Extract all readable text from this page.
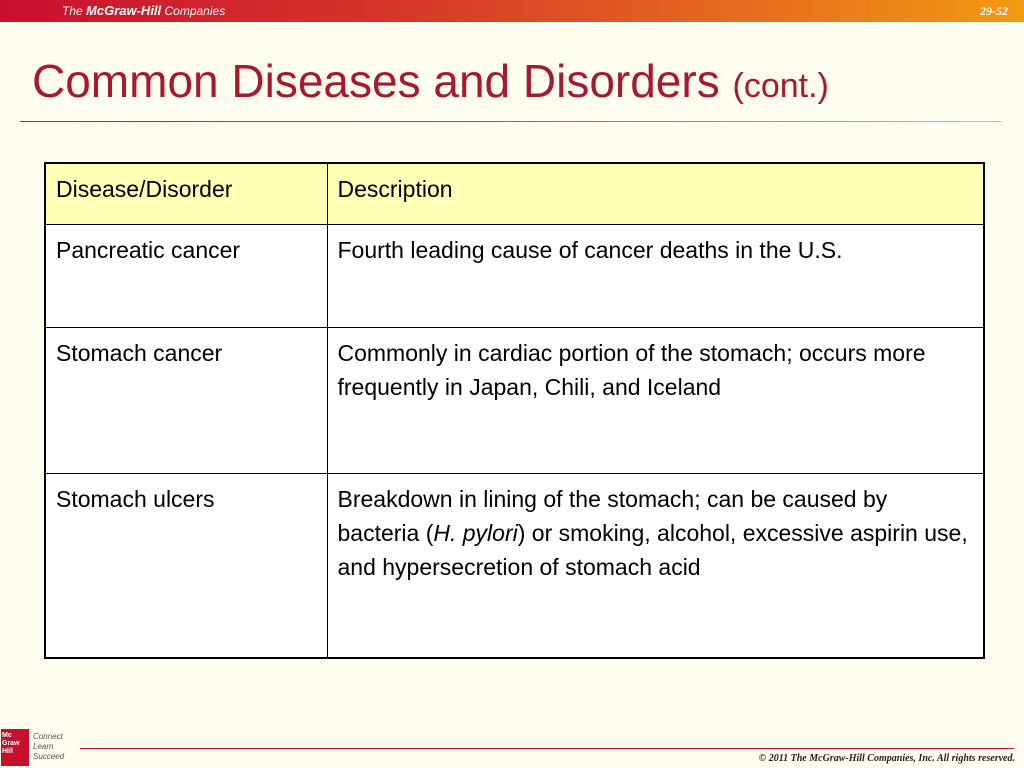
The McGraw-Hill Companies	29-52
Common Diseases and Disorders (cont.)
Disease/Disorder	Description
Pancreatic cancer	Fourth leading cause of cancer deaths in the U.S.
Stomach cancer	Commonly in cardiac portion of the stomach; occurs more frequently in Japan, Chili, and Iceland
Stomach ulcers	Breakdown in lining of the stomach; can be caused by bacteria (H. pylori) or smoking, alcohol, excessive aspirin use, and hypersecretion of stomach acid
Mc
Graw
Hill
Connect
Learn
Succeed	© 2011 The McGraw-Hill Companies, Inc. All rights reserved.
